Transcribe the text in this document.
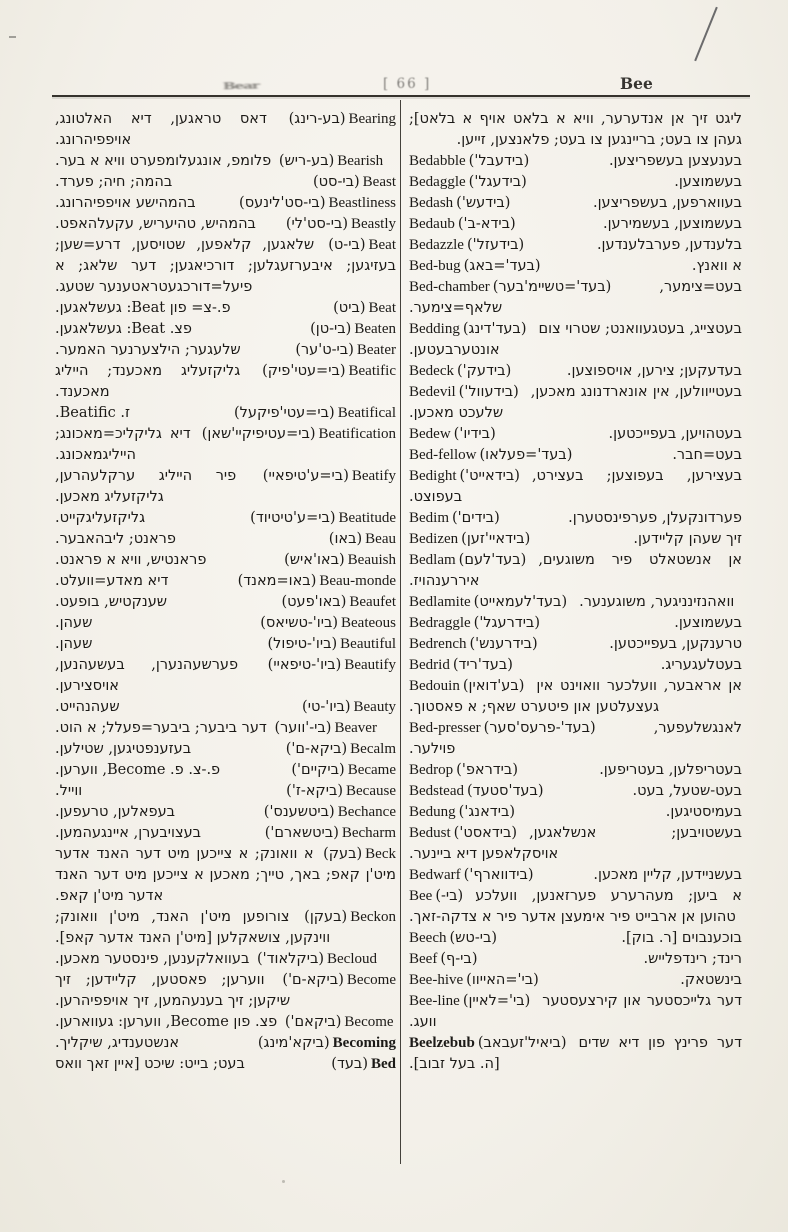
Bear	[ 66 ]	Bee
Bearing(בע-רינג) דאס טראגען, דיא האלטונג, אויפפיהרונג.
Bearish(בע-ריש) פלומפ, אונגעלומפערט וויא א בער.
Beast(בי-סט)
בהמה; חיה; פערד.
Beastliness(בי-סט'לינעס)
בהמהישע אויפפיהרונג.
Beastly(בי-סט'לי)
בהמהיש, טהיעריש, עקעלהאפט.
Beat(בי-ט) שלאגען, קלאפען, שטויסען, דרע=שען; בעזיגען; איבערזעגלען; דורכיאגען; דער שלאג; א פיעל=דורכגעטראטענער שטעג.
Beat(ביט)
פ.-צ= פון Beat: געשלאגען.
Beaten(בי-טן)
פצ. Beat: געשלאגען.
Beater(בי-ט'ער)
שלעגער; הילצערנער האמער.
Beatific(בי=עטי'פיק) גליקזעליג מאכענד; הייליג מאכענד.
Beatifical(בי=עטי'פיקעל)
ז. Beatific.
Beatification(בי=עטיפיקיי'שאן) דיא גליקליכ=מאכונג; הייליגמאכונג.
Beatify(בי=ע'טיפאיי) פיר הייליג ערקלעהרען, גליקזעליג מאכען.
Beatitude(בי=ע'טיטיוד)
גליקזעליגקייט.
Beau(באו)
פראנט; ליבהאבער.
Beauish(באו'איש)
פראנטיש, וויא א פראנט.
Beau-monde(באו=מאנד)
דיא מאדע=וועלט.
Beaufet(באו'פעט)
שענקטיש, בופעט.
Beateous(ביו'-טשיאס)
שעהן.
Beautiful(ביו'-טיפול)
שעהן.
Beautify(ביו'-טיפאיי) פערשעהנערן, בעשעהנען, אויסצירען.
Beauty(ביו'-טי)
שעהנהייט.
Beaver(בי-'ווער) דער ביבער; ביבער=פעלל; א הוט.
Becalm(ביקא-ם')
בעזענפטיגען, שטילען.
Became(ביקיים')
פ.-צ. פ. Become, ווערען.
Because(ביקא-ז')
ווייל.
Bechance(ביטשענס')
בעפאלען, טרעפען.
Becharm(ביטשארם')
בעצויבערן, איינגעהמען.
Beck(בעק) א וואונק; א צייכען מיט דער האנד אדער מיט'ן קאפ; באך, טייך; מאכען א צייכען מיט דער האנד אדער מיט'ן קאפ.
Beckon(בעקן) צורופען מיט'ן האנד, מיט'ן וואונק; ווינקען, צושאקלען [מיט'ן האנד אדער קאפ].
Becloud(ביקלאוד') בעוואלקענען, פינסטער מאכען.
Become(ביקא-ם') ווערען; פאסטען, קליידען; זיך שיקען; זיך בענעהמען, זיך אויפפיהרען.
Become(ביקאם') פצ. פון Become, ווערען: געווארען.
Becoming(ביקא'מינג)
אנשטענדיג, שיקליך.
Bed(בעד)
בעט; בייט: שיכט [איין זאך וואס

ליגט זיך אן אנדערער, וויא א בלאט אויף א בלאט]; געהן צו בעט; בריינגען צו בעט; פלאנצען, זייען.

Bedabble (בידעבל')	בענעצען בעשפריצען.
Bedaggle (בידעגל')	בעשמוצען.
Bedash (בידעש')	בעווארפען, בעשפריצען.
Bedaub (בידא-ב')	בעשמוצען, בעשמירען.
Bedazzle (בידעזל')	בלענדען, פערבלענדען.
Bed-bug (בעד'=באג)	א וואנץ.
Bed-chamber (בעד'=טשיימ'בער)	בעט=צימער, שלאף=צימער.
Bedding (בעד'דינג) בעטצייג, בעטגעוואנט; שטרוי צום אונטערבעטען.
Bedeck (בידעק')	בעדעקען; צירען, אויספוצען.
Bedevil (בידעוול') בעטייוולען, אין אונארדנונג מאכען, שלעכט מאכען.
Bedew (בידיו')	בעטהויען, בעפייכטען.
Bed-fellow (בעד'=פעלאו)	בעט=חבר.
Bedight (בידאייט') בעצירען, בעפוצען; בעצירט, בעפוצט.
Bedim (בידים')	פערדונקעלן, פערפינסטערן.
Bedizen (בידאיי'זען)	זיך שעהן קליידען.
Bedlam (בעד'לעם) אן אנשטאלט פיר משוגעים, איררענהויז.
Bedlamite (בעד'לעמאייט) וואהנזינניגער, משוגענער.
Bedraggle (בידרעגל')	בעשמוצען.
Bedrench (בידרענש')	טרענקען, בעפייכטען.
Bedrid (בעד'ריד)	בעטלעגעריג.
Bedouin (בע'דואין) אן אראבער, וועלכער וואוינט אין געצעלטען און פיטערט שאף; א פאסטוך.
Bed-presser (בעד'-פרעס'סער)	לאנגשלעפער, פוילער.
Bedrop (בידראפ')	בעטריפלען, בעטריפען.
Bedstead (בעד'סטעד)	בעט-שטעל, בעט.
Bedung (בידאנג')	בעמיסטיגען.
Bedust (בידאסט') בעשטויבען; אנשלאגען, אויסקלאפען דיא ביינער.
Bedwarf (בידווארף')	בעשניידען, קליין מאכען.
Bee (בי-) א ביען; מעהרערע פערזאנען, וועלכע טהוען אן ארבייט פיר אימעצן אדער פיר א צדקה-זאך.
Beech (בי-טש)	בוכענבוים [ר. בוק].
Beef (בי-ף)	רינד; רינדפלייש.
Bee-hive (בי'=האייוו)	בינשטאק.
Bee-line (בי'=לאיין) דער גלייכסטער און קירצעסטער וועג.
Beelzebub (ביאיל'זעבאב) דער פרינץ פון דיא שדים [ה. בעל זבוב].
